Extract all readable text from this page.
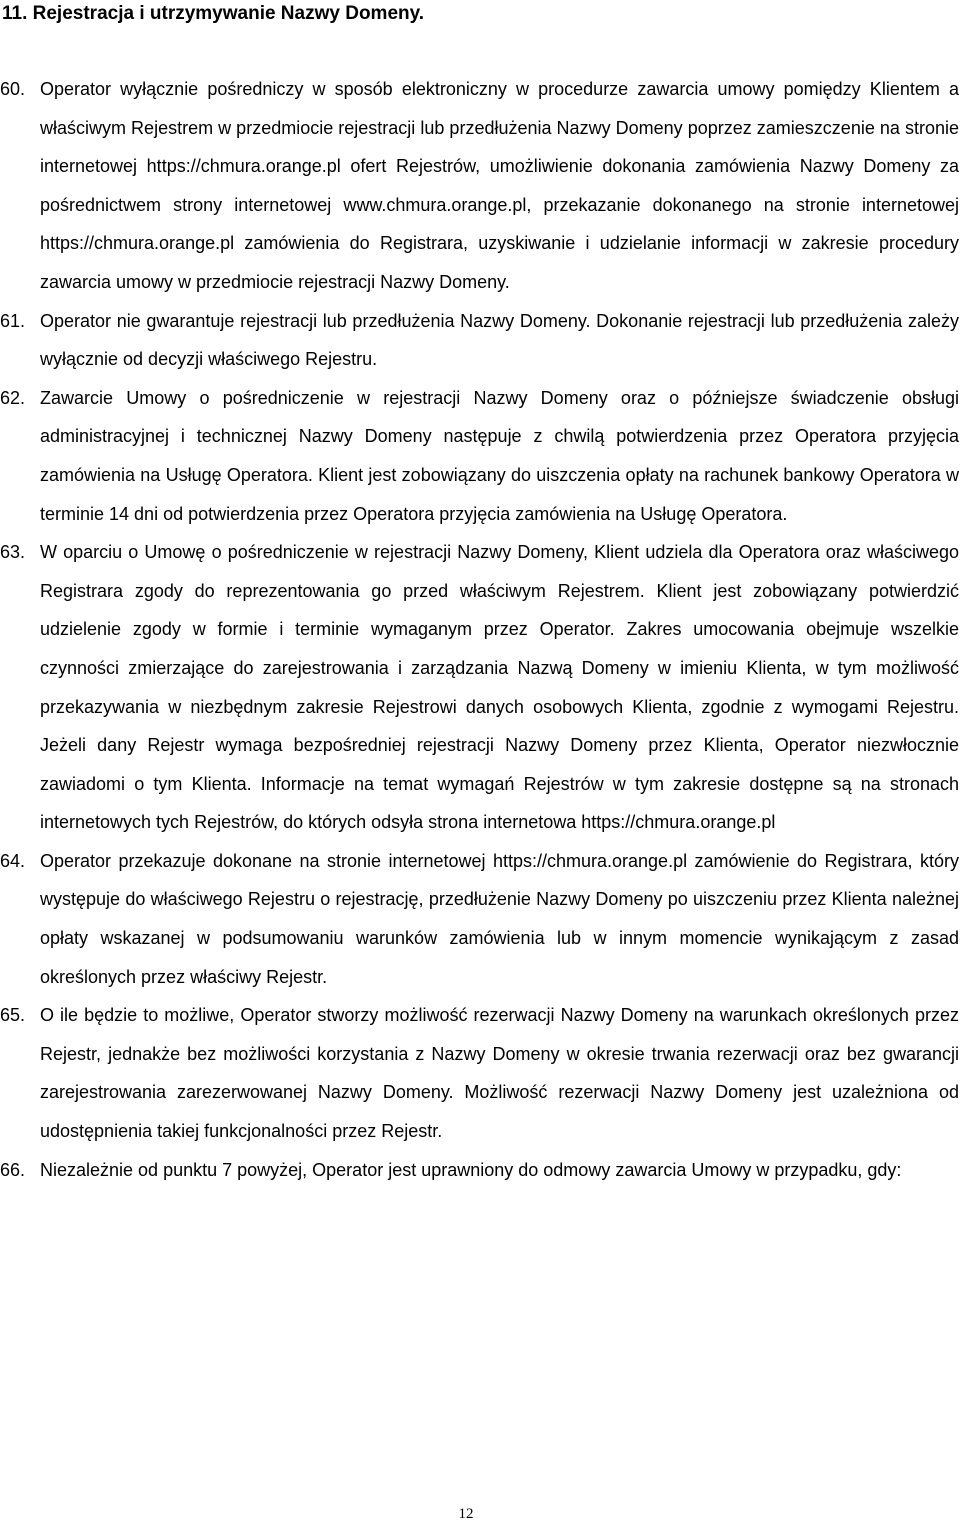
11. Rejestracja i utrzymywanie Nazwy Domeny.
60. Operator wyłącznie pośredniczy w sposób elektroniczny w procedurze zawarcia umowy pomiędzy Klientem a właściwym Rejestrem w przedmiocie rejestracji lub przedłużenia Nazwy Domeny poprzez zamieszczenie na stronie internetowej https://chmura.orange.pl ofert Rejestrów, umożliwienie dokonania zamówienia Nazwy Domeny za pośrednictwem strony internetowej www.chmura.orange.pl, przekazanie dokonanego na stronie internetowej https://chmura.orange.pl zamówienia do Registrara, uzyskiwanie i udzielanie informacji w zakresie procedury zawarcia umowy w przedmiocie rejestracji Nazwy Domeny.
61. Operator nie gwarantuje rejestracji lub przedłużenia Nazwy Domeny. Dokonanie rejestracji lub przedłużenia zależy wyłącznie od decyzji właściwego Rejestru.
62. Zawarcie Umowy o pośredniczenie w rejestracji Nazwy Domeny oraz o późniejsze świadczenie obsługi administracyjnej i technicznej Nazwy Domeny następuje z chwilą potwierdzenia przez Operatora przyjęcia zamówienia na Usługę Operatora. Klient jest zobowiązany do uiszczenia opłaty na rachunek bankowy Operatora w terminie 14 dni od potwierdzenia przez Operatora przyjęcia zamówienia na Usługę Operatora.
63. W oparciu o Umowę o pośredniczenie w rejestracji Nazwy Domeny, Klient udziela dla Operatora oraz właściwego Registrara zgody do reprezentowania go przed właściwym Rejestrem. Klient jest zobowiązany potwierdzić udzielenie zgody w formie i terminie wymaganym przez Operator. Zakres umocowania obejmuje wszelkie czynności zmierzające do zarejestrowania i zarządzania Nazwą Domeny w imieniu Klienta, w tym możliwość przekazywania w niezbędnym zakresie Rejestrowi danych osobowych Klienta, zgodnie z wymogami Rejestru. Jeżeli dany Rejestr wymaga bezpośredniej rejestracji Nazwy Domeny przez Klienta, Operator niezwłocznie zawiadomi o tym Klienta. Informacje na temat wymagań Rejestrów w tym zakresie dostępne są na stronach internetowych tych Rejestrów, do których odsyła strona internetowa https://chmura.orange.pl
64. Operator przekazuje dokonane na stronie internetowej https://chmura.orange.pl zamówienie do Registrara, który występuje do właściwego Rejestru o rejestrację, przedłużenie Nazwy Domeny po uiszczeniu przez Klienta należnej opłaty wskazanej w podsumowaniu warunków zamówienia lub w innym momencie wynikającym z zasad określonych przez właściwy Rejestr.
65. O ile będzie to możliwe, Operator stworzy możliwość rezerwacji Nazwy Domeny na warunkach określonych przez Rejestr, jednakże bez możliwości korzystania z Nazwy Domeny w okresie trwania rezerwacji oraz bez gwarancji zarejestrowania zarezerwowanej Nazwy Domeny. Możliwość rezerwacji Nazwy Domeny jest uzależniona od udostępnienia takiej funkcjonalności przez Rejestr.
66. Niezależnie od punktu 7 powyżej, Operator jest uprawniony do odmowy zawarcia Umowy w przypadku, gdy:
12
